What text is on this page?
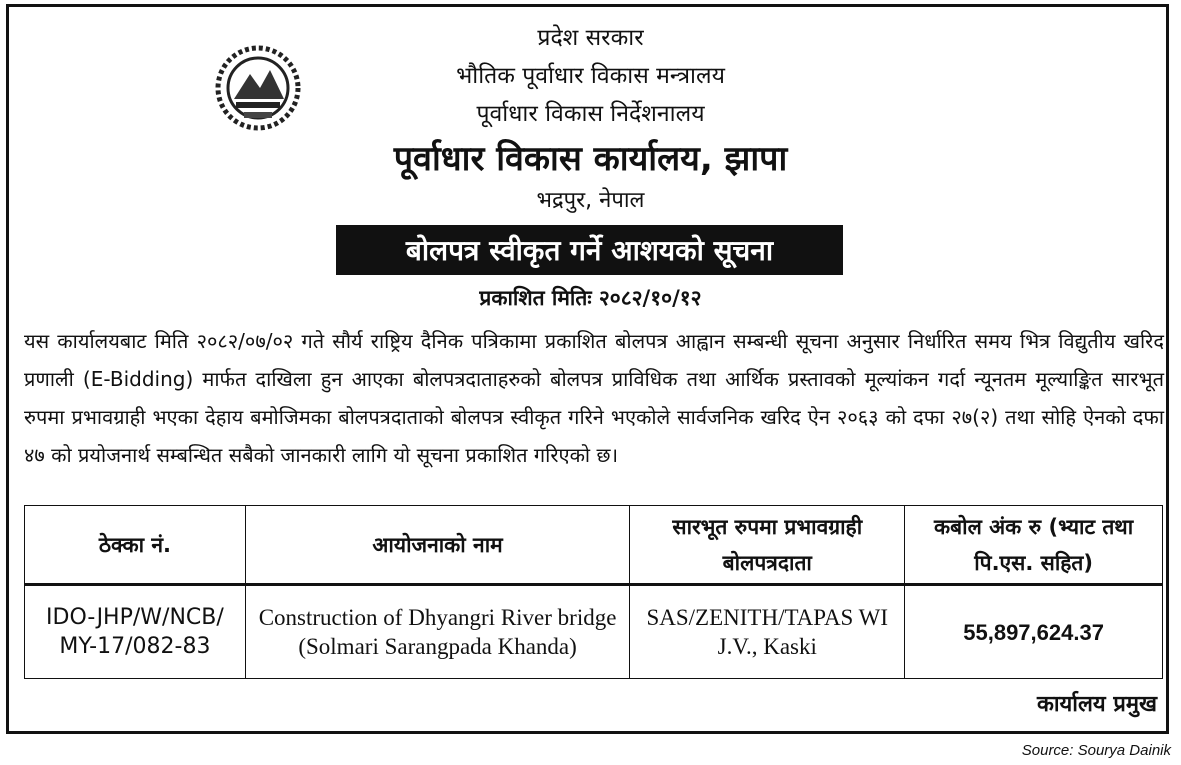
प्रदेश सरकार
भौतिक पूर्वाधार विकास मन्त्रालय
पूर्वाधार विकास निर्देशनालय
पूर्वाधार विकास कार्यालय, झापा
भद्रपुर, नेपाल
बोलपत्र स्वीकृत गर्ने आशयको सूचना
प्रकाशित मितिः २०८२/१०/१२
यस कार्यालयबाट मिति २०८२/०७/०२ गते सौर्य राष्ट्रिय दैनिक पत्रिकामा प्रकाशित बोलपत्र आह्वान सम्बन्धी सूचना अनुसार निर्धारित समय भित्र विद्युतीय खरिद प्रणाली (E-Bidding) मार्फत दाखिला हुन आएका बोलपत्रदाताहरुको बोलपत्र प्राविधिक तथा आर्थिक प्रस्तावको मूल्यांकन गर्दा न्यूनतम मूल्याङ्कित सारभूत रुपमा प्रभावग्राही भएका देहाय बमोजिमका बोलपत्रदाताको बोलपत्र स्वीकृत गरिने भएकोले सार्वजनिक खरिद ऐन २०६३ को दफा २७(२) तथा सोहि ऐनको दफा ४७ को प्रयोजनार्थ सम्बन्धित सबैको जानकारी लागि यो सूचना प्रकाशित गरिएको छ।
ठेक्का नं.	आयोजनाको नाम	सारभूत रुपमा प्रभावग्राही बोलपत्रदाता	कबोल अंक रु (भ्याट तथा पि.एस. सहित)
IDO-JHP/W/NCB/ MY-17/082-83	Construction of Dhyangri River bridge (Solmari Sarangpada Khanda)	SAS/ZENITH/TAPAS WI J.V., Kaski	55,897,624.37
कार्यालय प्रमुख
Source: Sourya Dainik
